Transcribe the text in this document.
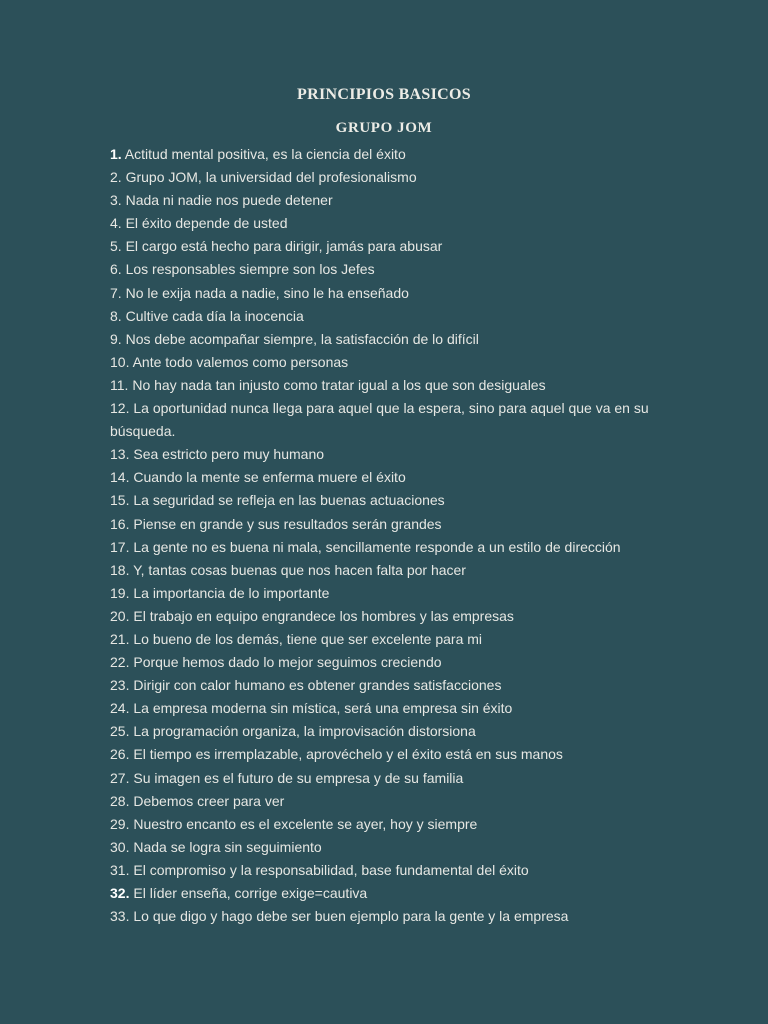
PRINCIPIOS BASICOS
GRUPO JOM
1. Actitud mental positiva, es la ciencia del éxito
2. Grupo JOM, la universidad del profesionalismo
3. Nada ni nadie nos puede detener
4. El éxito depende de usted
5. El cargo está hecho para dirigir, jamás para abusar
6. Los responsables siempre son los Jefes
7. No le exija nada a nadie, sino le ha enseñado
8. Cultive cada día la inocencia
9. Nos debe acompañar siempre, la satisfacción de lo difícil
10. Ante todo valemos como personas
11. No hay nada tan injusto como tratar igual a los que son desiguales
12. La oportunidad nunca llega para aquel que la espera, sino para aquel que va en su búsqueda.
13. Sea estricto pero muy humano
14. Cuando la mente se enferma muere el éxito
15. La seguridad se refleja en las buenas actuaciones
16. Piense en grande y sus resultados serán grandes
17. La gente no es buena ni mala, sencillamente responde a un estilo de dirección
18. Y, tantas cosas buenas que nos hacen falta por hacer
19. La importancia de lo importante
20. El trabajo en equipo engrandece los hombres y las empresas
21. Lo bueno de los demás, tiene que ser excelente para mi
22. Porque hemos dado lo mejor seguimos creciendo
23. Dirigir con calor humano es obtener grandes satisfacciones
24. La empresa moderna sin mística, será una empresa sin éxito
25. La programación organiza, la improvisación distorsiona
26. El tiempo es irremplazable, aprovéchelo y el éxito está en sus manos
27. Su imagen es el futuro de su empresa y de su familia
28. Debemos creer para ver
29. Nuestro encanto es el excelente se ayer, hoy y siempre
30. Nada se logra sin seguimiento
31. El compromiso y la responsabilidad, base fundamental del éxito
32. El líder enseña, corrige exige=cautiva
33. Lo que digo y hago debe ser buen ejemplo para la gente y la empresa
